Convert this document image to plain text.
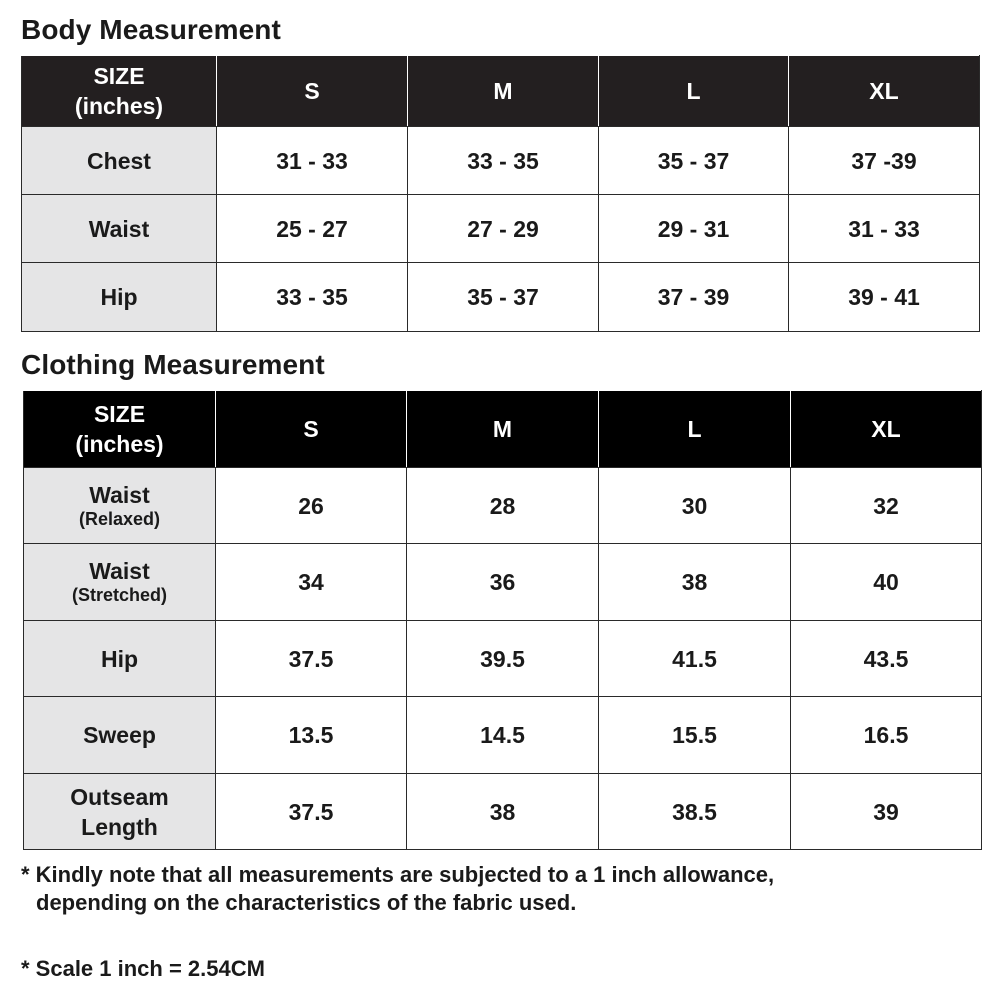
Body Measurement
SIZE
(inches)	S	M	L	XL
Chest	31 - 33	33 - 35	35 - 37	37 -39
Waist	25 - 27	27 - 29	29 - 31	31 - 33
Hip	33 - 35	35 - 37	37 - 39	39 - 41
Clothing Measurement
SIZE
(inches)	S	M	L	XL

Waist
(Relaxed)	26	28	30	32

Waist
(Stretched)	34	36	38	40
Hip	37.5	39.5	41.5	43.5
Sweep	13.5	14.5	15.5	16.5

Outseam
Length	37.5	38	38.5	39

* Kindly note that all measurements are subjected to a 1 inch allowance,
depending on the characteristics of the fabric used.

* Scale 1 inch = 2.54CM
